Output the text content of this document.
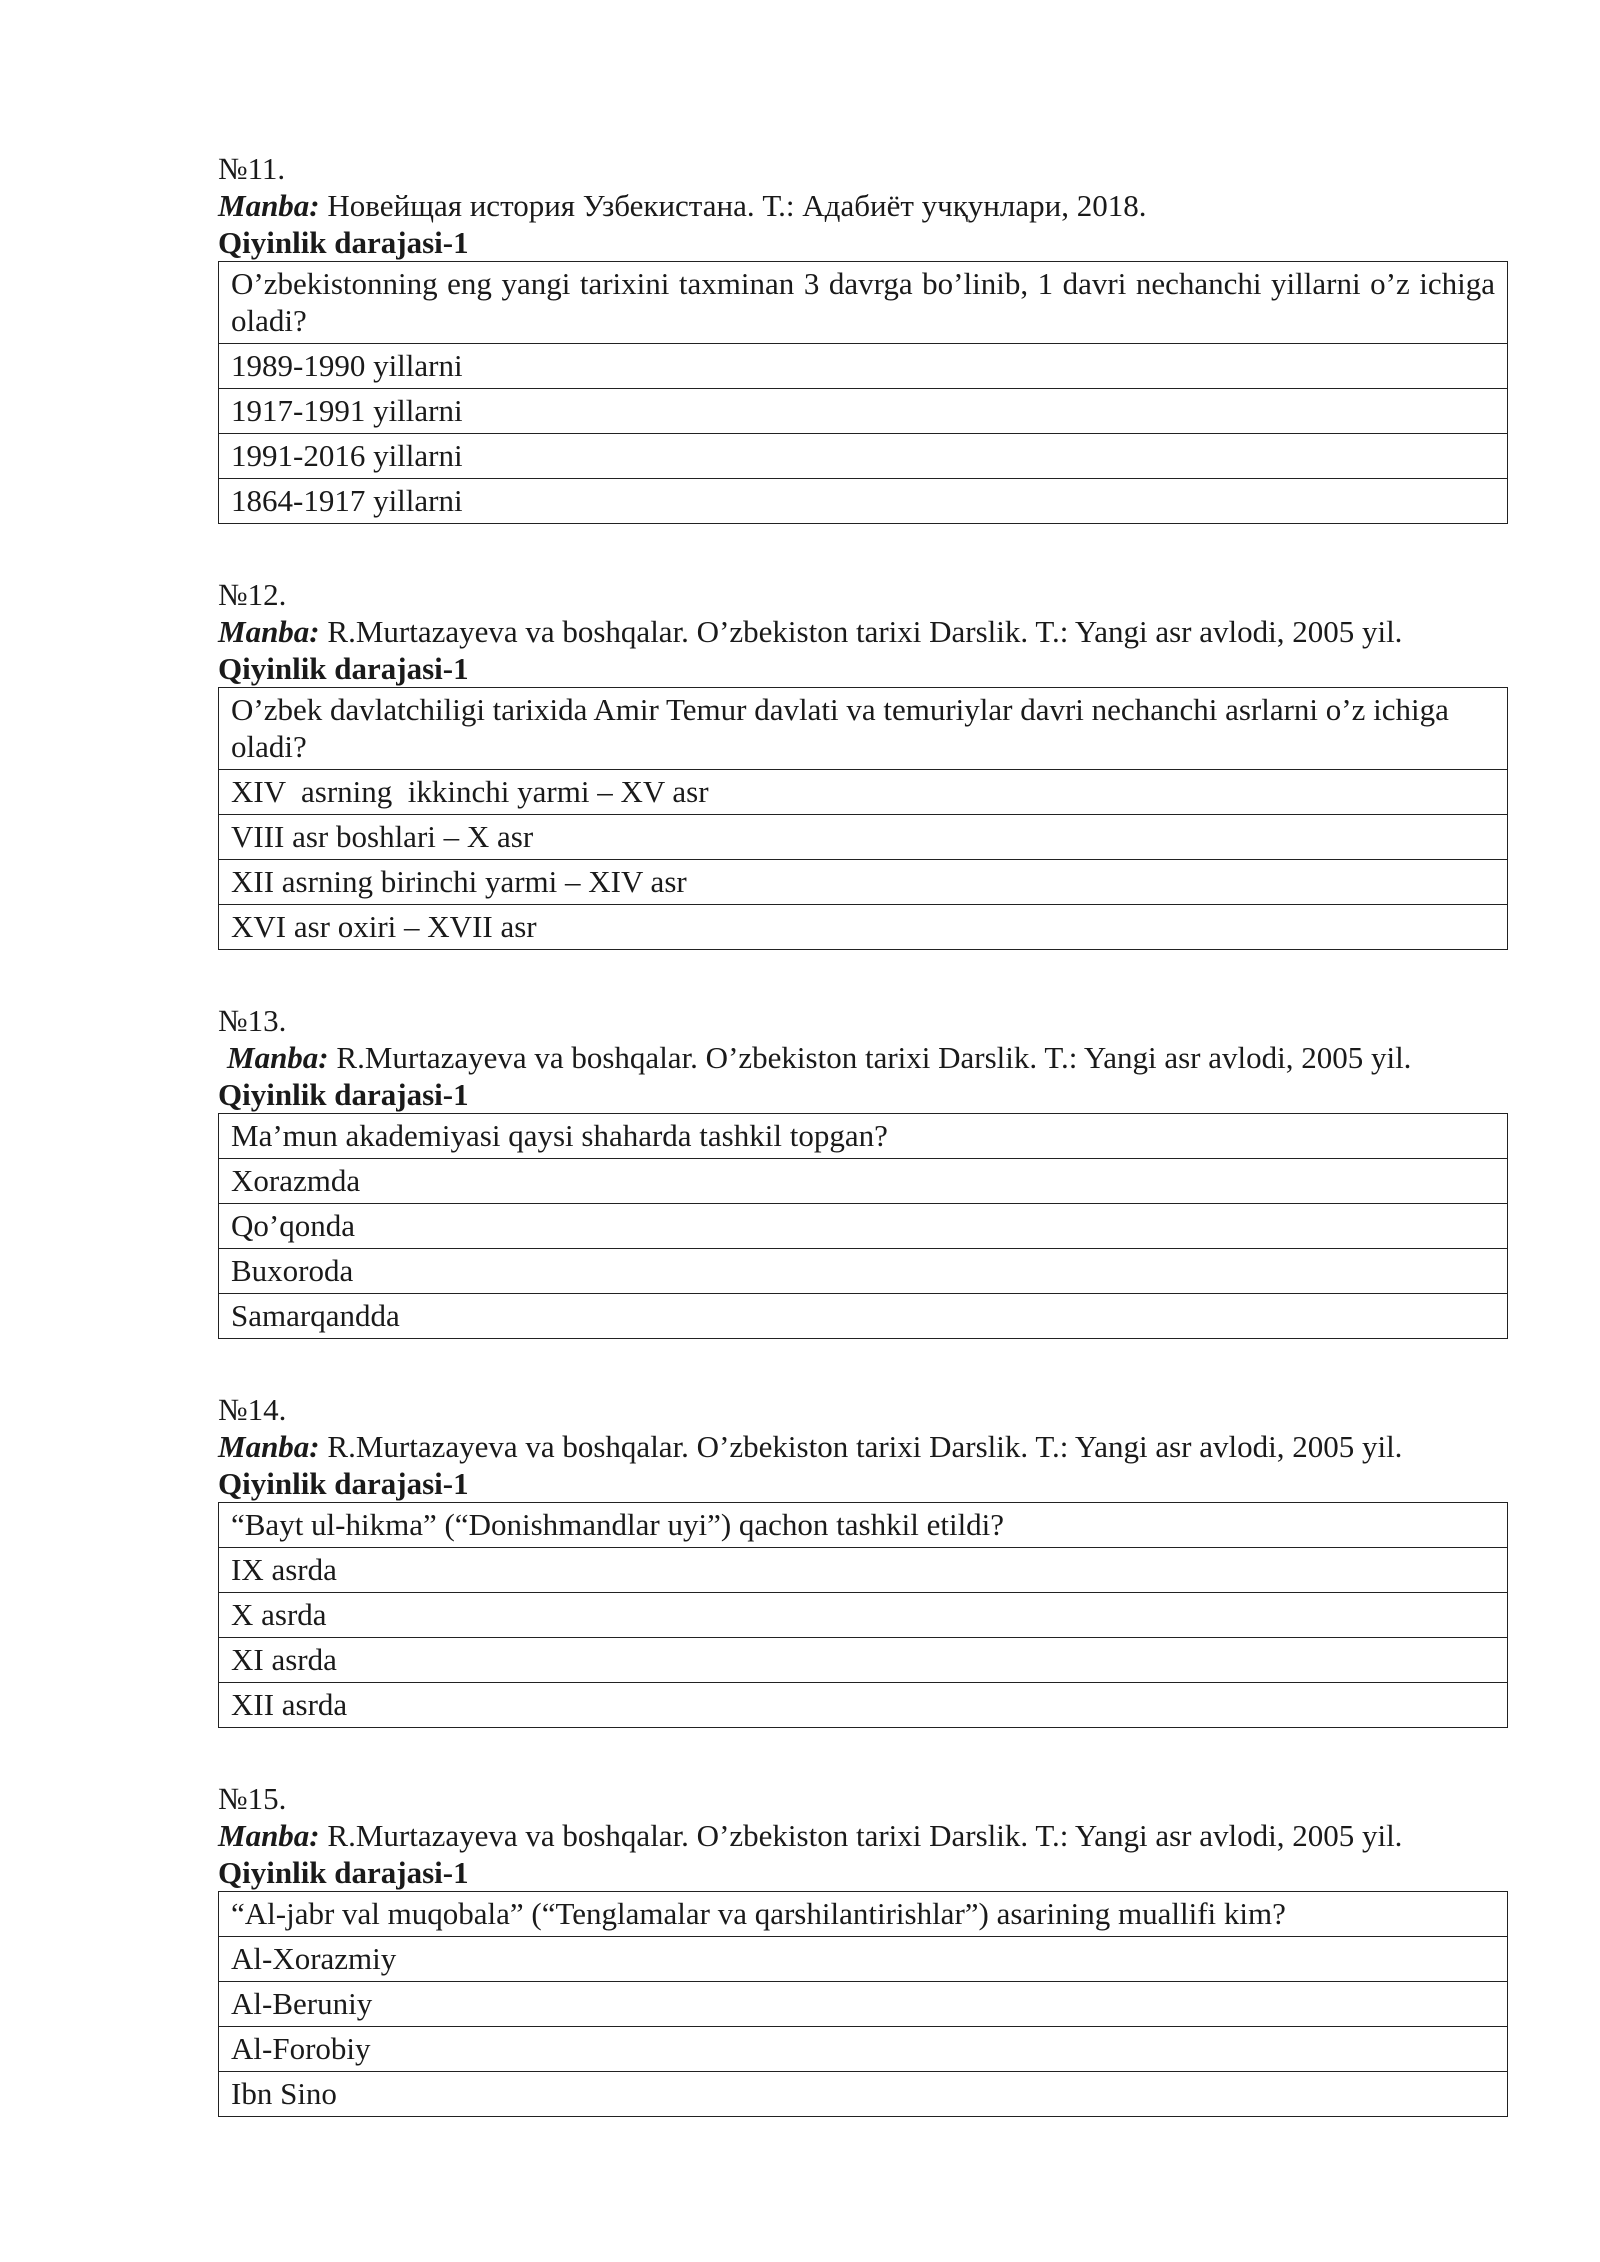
№11.
Manba: Новейщая история Узбекистана. Т.: Адабиёт учқунлари, 2018.
Qiyinlik darajasi-1
O’zbekistonning eng yangi tarixini taxminan 3 davrga bo’linib, 1 davri nechanchi yillarni o’z ichiga oladi?
1989-1990 yillarni
1917-1991 yillarni
1991-2016 yillarni
1864-1917 yillarni
№12.
Manba: R.Murtazayeva va boshqalar. O’zbekiston tarixi Darslik. T.: Yangi asr avlodi, 2005 yil.
Qiyinlik darajasi-1
O’zbek davlatchiligi tarixida Amir Temur davlati va temuriylar davri nechanchi asrlarni o’z ichiga oladi?
XIV  asrning  ikkinchi yarmi – XV asr
VIII asr boshlari – X asr
XII asrning birinchi yarmi – XIV asr
XVI asr oxiri – XVII asr
№13.
Manba: R.Murtazayeva va boshqalar. O’zbekiston tarixi Darslik. T.: Yangi asr avlodi, 2005 yil.
Qiyinlik darajasi-1
Ma’mun akademiyasi qaysi shaharda tashkil topgan?
Xorazmda
Qo’qonda
Buxoroda
Samarqandda
№14.
Manba: R.Murtazayeva va boshqalar. O’zbekiston tarixi Darslik. T.: Yangi asr avlodi, 2005 yil.
Qiyinlik darajasi-1
“Bayt ul-hikma” (“Donishmandlar uyi”) qachon tashkil etildi?
IX asrda
X asrda
XI asrda
XII asrda
№15.
Manba: R.Murtazayeva va boshqalar. O’zbekiston tarixi Darslik. T.: Yangi asr avlodi, 2005 yil.
Qiyinlik darajasi-1
“Al-jabr val muqobala” (“Tenglamalar va qarshilantirishlar”) asarining muallifi kim?
Al-Xorazmiy
Al-Beruniy
Al-Forobiy
Ibn Sino
